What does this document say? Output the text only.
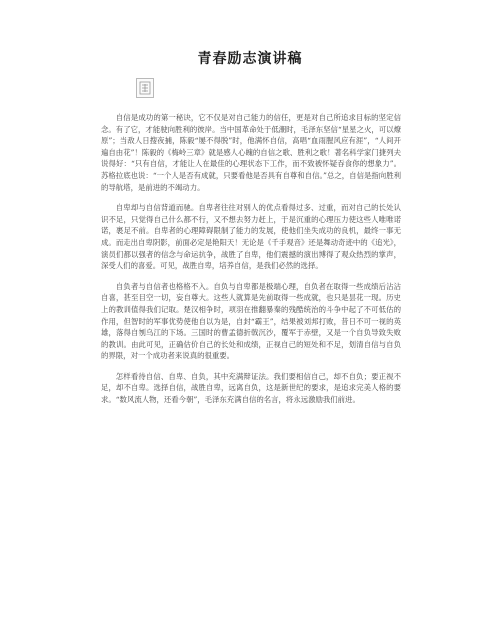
青春励志演讲稿

自信是成功的第一秘诀，它不仅是对自己能力的信任，更是对自己所追求目标的坚定信念。有了它，才能驶向胜利的彼岸。当中国革命处于低潮时，毛泽东坚信“星星之火，可以燎原”；当敌人日搜夜捕，陈毅“屡不得脱”时，他满怀自信，高唱“血雨腥风应有涯”，“人间开遍自由花”！陈毅的《梅岭三章》就是感人心魄的自信之歌、胜利之歌！著名科学家门捷列夫说得好：“只有自信，才能让人在最佳的心理状态下工作，而不致被怀疑吞食你的想象力”。苏格拉底也说：“一个人是否有成就，只要看他是否具有自尊和自信。”总之，自信是指向胜利的导航塔，是前进的不竭动力。

自卑却与自信背道而驰。自卑者往往对别人的优点看得过多、过重，而对自己的长处认识不足，只觉得自己什么都不行，又不想去努力赶上，于是沉重的心理压力使这些人唯唯诺诺，裹足不前。自卑者的心理障碍限制了能力的发展，使他们坐失成功的良机，最终一事无成。而走出自卑阴影，前面必定是艳阳天！无论是《千手观音》还是舞动奇迹中的《追光》，演员们都以强者的信念与命运抗争，战胜了自卑，他们震撼的演出博得了观众热烈的掌声，深受人们的喜爱。可见，战胜自卑，培养自信，是我们必然的选择。

自负者与自信者也格格不入。自负与自卑都是极端心理，自负者在取得一些成绩后沾沾自喜，甚至目空一切，妄自尊大。这些人就算是先前取得一些成就，也只是昙花一现。历史上的教训值得我们记取。楚汉相争时，项羽在推翻暴秦的残酷统治的斗争中起了不可低估的作用，但智时的军事优势使他自以为是，自封“霸王”，结果被刘邦打败，昔日不可一视的英雄，落得自刎乌江的下场。三国时的曹孟德折戟沉沙，覆军于赤壁，又是一个自负导致失败的教训。由此可见，正确估价自己的长处和成绩，正视自己的短处和不足，划清自信与自负的界限，对一个成功者来说真的很重要。

怎样看待自信、自卑、自负，其中充满辩证法。我们要相信自己，却不自负；要正视不足，却不自卑。选择自信，战胜自卑，远离自负，这是新世纪的要求，是追求完美人格的要求。“数风流人物，还看今朝”，毛泽东充满自信的名言，将永远激励我们前进。
